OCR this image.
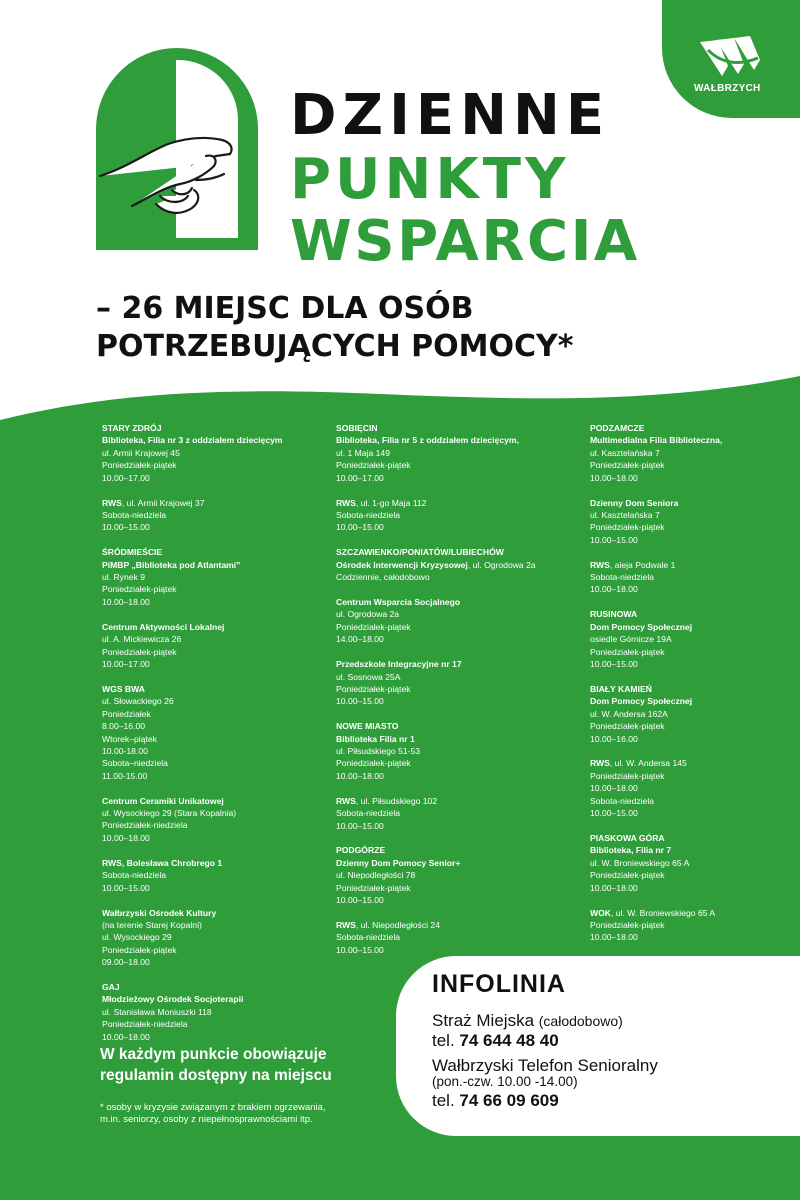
WAŁBRZYCH
DZIENNE
PUNKTY
WSPARCIA
– 26 MIEJSC DLA OSÓB
POTRZEBUJĄCYCH POMOCY*
STARY ZDRÓJ
Biblioteka, Filia nr 3 z oddziałem dziecięcym
ul. Armii Krajowej 45
Poniedziałek-piątek
10.00–17.00
RWS, ul. Armii Krajowej 37
Sobota-niedziela
10.00–15.00
ŚRÓDMIEŚCIE
PiMBP „Biblioteka pod Atlantami”
ul. Rynek 9
Poniedziałek-piątek
10.00–18.00
Centrum Aktywności Lokalnej
ul. A. Mickiewicza 26
Poniedziałek-piątek
10.00–17.00
WGS BWA
ul. Słowackiego 26
Poniedziałek
8.00–16.00
Wtorek–piątek
10.00-18.00
Sobota–niedziela
11.00-15.00
Centrum Ceramiki Unikatowej
ul. Wysockiego 29 (Stara Kopalnia)
Poniedziałek-niedziela
10.00–18.00
RWS, Bolesława Chrobrego 1
Sobota-niedziela
10.00–15.00
Wałbrzyski Ośrodek Kultury
(na terenie Starej Kopalni)
ul. Wysockiego 29
Poniedziałek-piątek
09.00–18.00
GAJ
Młodzieżowy Ośrodek Socjoterapii
ul. Stanisława Moniuszki 118
Poniedziałek-niedziela
10.00–18.00
SOBIĘCIN
Biblioteka, Filia nr 5 z oddziałem dziecięcym,
ul. 1 Maja 149
Poniedziałek-piątek
10.00–17.00
RWS, ul. 1-go Maja 112
Sobota-niedziela
10.00–15.00
SZCZAWIENKO/PONIATÓW/LUBIECHÓW
Ośrodek Interwencji Kryzysowej, ul. Ogrodowa 2a
Codziennie, całodobowo
Centrum Wsparcia Socjalnego
ul. Ogrodowa 2a
Poniedziałek-piątek
14.00–18.00
Przedszkole Integracyjne nr 17
ul. Sosnowa 25A
Poniedziałek-piątek
10.00–15.00
NOWE MIASTO
Biblioteka Filia nr 1
ul. Piłsudskiego 51-53
Poniedziałek-piątek
10.00–18.00
RWS, ul. Piłsudskiego 102
Sobota-niedziela
10.00–15.00
PODGÓRZE
Dzienny Dom Pomocy Senior+
ul. Niepodległości 78
Poniedziałek-piątek
10.00–15.00
RWS, ul. Niepodległości 24
Sobota-niedziela
10.00–15.00
PODZAMCZE
Multimedialna Filia Biblioteczna,
ul. Kasztelańska 7
Poniedziałek-piątek
10.00–18.00
Dzienny Dom Seniora
ul. Kasztelańska 7
Poniedziałek-piątek
10.00–15.00
RWS, aleja Podwale 1
Sobota-niedziela
10.00–18.00
RUSINOWA
Dom Pomocy Społecznej
osiedle Górnicze 19A
Poniedziałek-piątek
10.00–15.00
BIAŁY KAMIEŃ
Dom Pomocy Społecznej
ul. W. Andersa 162A
Poniedziałek-piątek
10.00–16.00
RWS, ul. W. Andersa 145
Poniedziałek-piątek
10.00–18.00
Sobota-niedziela
10.00–15.00
PIASKOWA GÓRA
Biblioteka, Filia nr 7
ul. W. Broniewskiego 65 A
Poniedziałek-piątek
10.00–18.00
WOK, ul. W. Broniewskiego 65 A
Poniedziałek-piątek
10.00–18.00
W każdym punkcie obowiązuje
regulamin dostępny na miejscu
* osoby w kryzysie związanym z brakiem ogrzewania,
m.in. seniorzy, osoby z niepełnosprawnościami itp.
INFOLINIA
Straż Miejska (całodobowo)
tel. 74 644 48 40
Wałbrzyski Telefon Senioralny
(pon.-czw. 10.00 -14.00)
tel. 74 66 09 609
